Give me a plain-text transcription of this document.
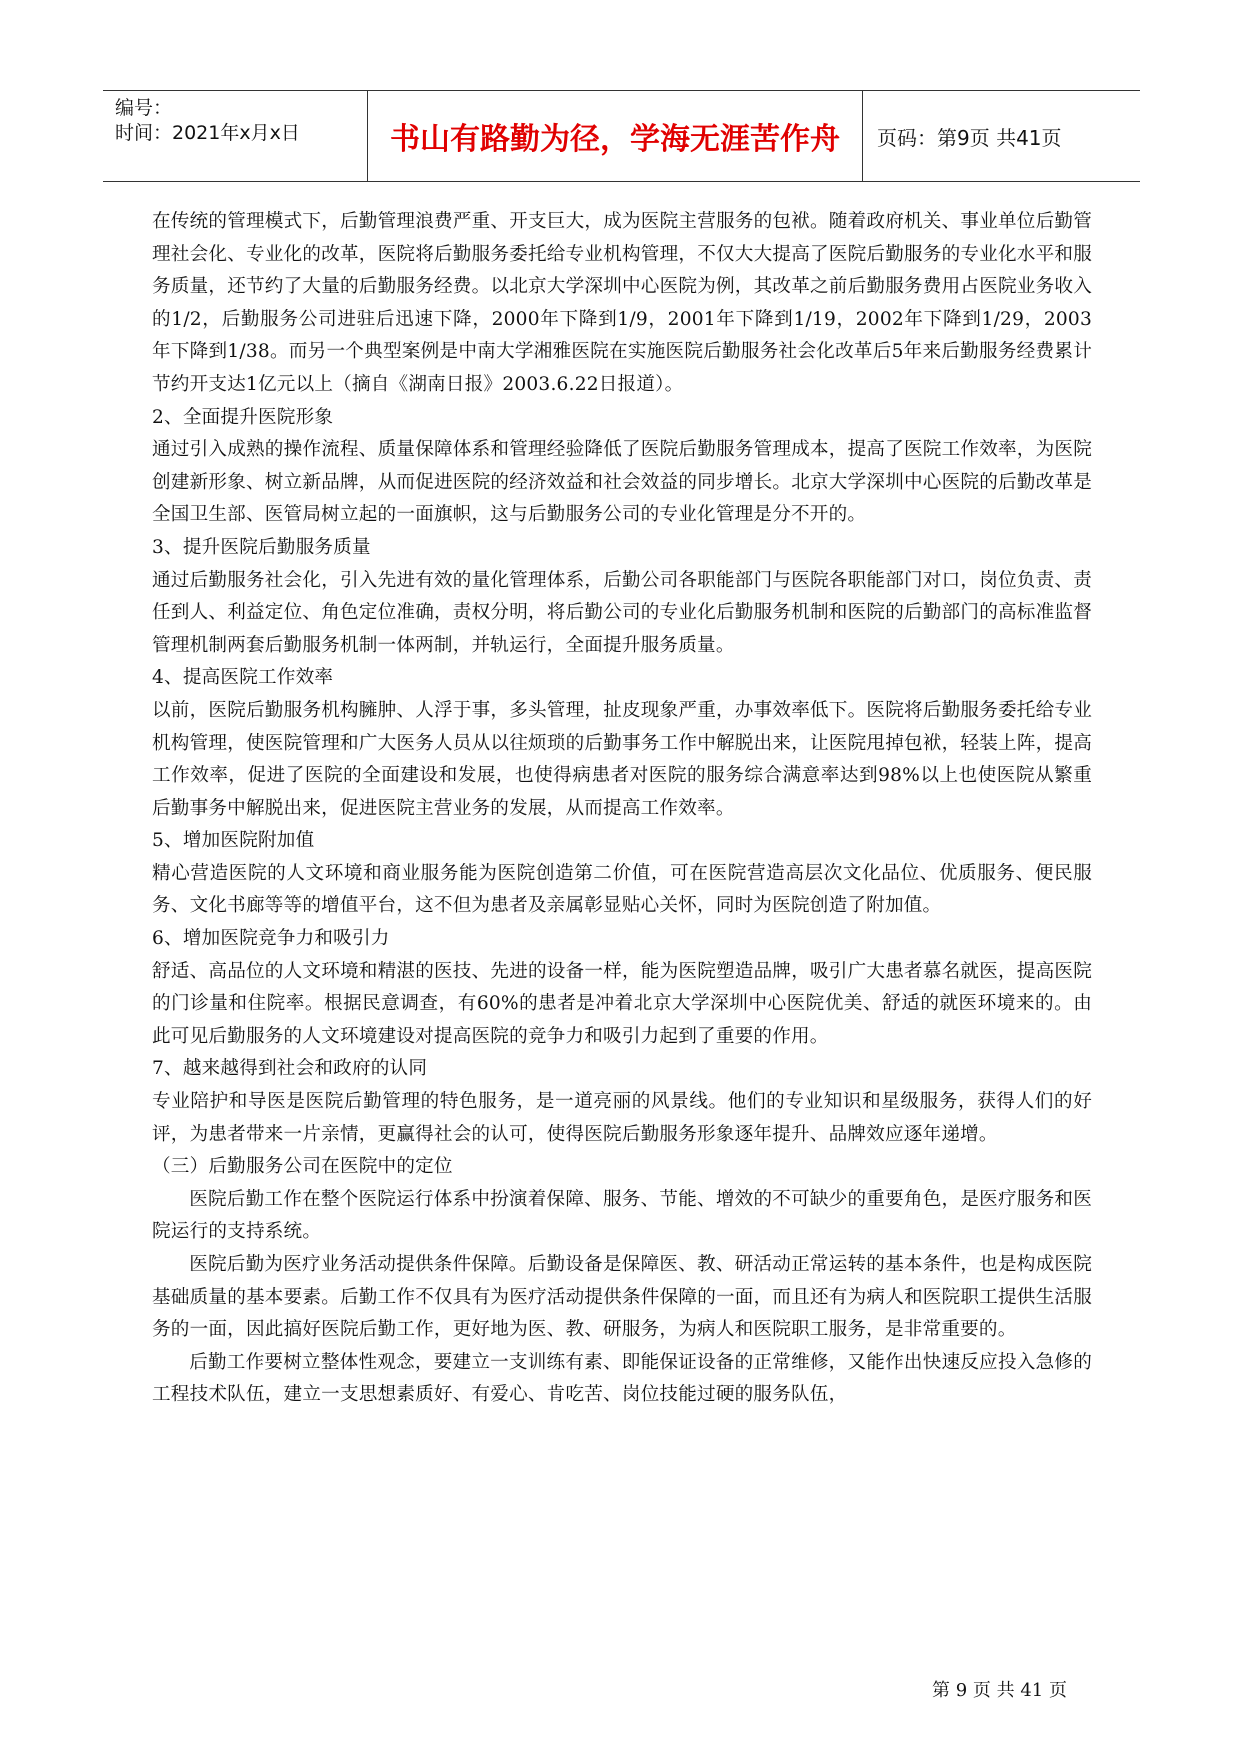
编号：
时间：2021年x月x日	书山有路勤为径，学海无涯苦作舟	页码：第9页 共41页

在传统的管理模式下，后勤管理浪费严重、开支巨大，成为医院主营服务的包袱。随着政府机关、事业单位后勤管理社会化、专业化的改革，医院将后勤服务委托给专业机构管理，不仅大大提高了医院后勤服务的专业化水平和服务质量，还节约了大量的后勤服务经费。以北京大学深圳中心医院为例，其改革之前后勤服务费用占医院业务收入的1/2，后勤服务公司进驻后迅速下降，2000年下降到1/9，2001年下降到1/19，2002年下降到1/29，2003年下降到1/38。而另一个典型案例是中南大学湘雅医院在实施医院后勤服务社会化改革后5年来后勤服务经费累计节约开支达1亿元以上（摘自《湖南日报》2003.6.22日报道）。

2、全面提升医院形象

通过引入成熟的操作流程、质量保障体系和管理经验降低了医院后勤服务管理成本，提高了医院工作效率，为医院创建新形象、树立新品牌，从而促进医院的经济效益和社会效益的同步增长。北京大学深圳中心医院的后勤改革是全国卫生部、医管局树立起的一面旗帜，这与后勤服务公司的专业化管理是分不开的。

3、提升医院后勤服务质量

通过后勤服务社会化，引入先进有效的量化管理体系，后勤公司各职能部门与医院各职能部门对口，岗位负责、责任到人、利益定位、角色定位准确，责权分明，将后勤公司的专业化后勤服务机制和医院的后勤部门的高标准监督管理机制两套后勤服务机制一体两制，并轨运行，全面提升服务质量。

4、提高医院工作效率

以前，医院后勤服务机构臃肿、人浮于事，多头管理，扯皮现象严重，办事效率低下。医院将后勤服务委托给专业机构管理，使医院管理和广大医务人员从以往烦琐的后勤事务工作中解脱出来，让医院甩掉包袱，轻装上阵，提高工作效率，促进了医院的全面建设和发展，也使得病患者对医院的服务综合满意率达到98%以上也使医院从繁重后勤事务中解脱出来，促进医院主营业务的发展，从而提高工作效率。

5、增加医院附加值

精心营造医院的人文环境和商业服务能为医院创造第二价值，可在医院营造高层次文化品位、优质服务、便民服务、文化书廊等等的增值平台，这不但为患者及亲属彰显贴心关怀，同时为医院创造了附加值。

6、增加医院竞争力和吸引力

舒适、高品位的人文环境和精湛的医技、先进的设备一样，能为医院塑造品牌，吸引广大患者慕名就医，提高医院的门诊量和住院率。根据民意调查，有60%的患者是冲着北京大学深圳中心医院优美、舒适的就医环境来的。由此可见后勤服务的人文环境建设对提高医院的竞争力和吸引力起到了重要的作用。

7、越来越得到社会和政府的认同

专业陪护和导医是医院后勤管理的特色服务，是一道亮丽的风景线。他们的专业知识和星级服务，获得人们的好评，为患者带来一片亲情，更赢得社会的认可，使得医院后勤服务形象逐年提升、品牌效应逐年递增。

（三）后勤服务公司在医院中的定位

医院后勤工作在整个医院运行体系中扮演着保障、服务、节能、增效的不可缺少的重要角色，是医疗服务和医院运行的支持系统。

医院后勤为医疗业务活动提供条件保障。后勤设备是保障医、教、研活动正常运转的基本条件，也是构成医院基础质量的基本要素。后勤工作不仅具有为医疗活动提供条件保障的一面，而且还有为病人和医院职工提供生活服务的一面，因此搞好医院后勤工作，更好地为医、教、研服务，为病人和医院职工服务，是非常重要的。

后勤工作要树立整体性观念，要建立一支训练有素、即能保证设备的正常维修，又能作出快速反应投入急修的工程技术队伍，建立一支思想素质好、有爱心、肯吃苦、岗位技能过硬的服务队伍，

第 9 页 共 41 页
